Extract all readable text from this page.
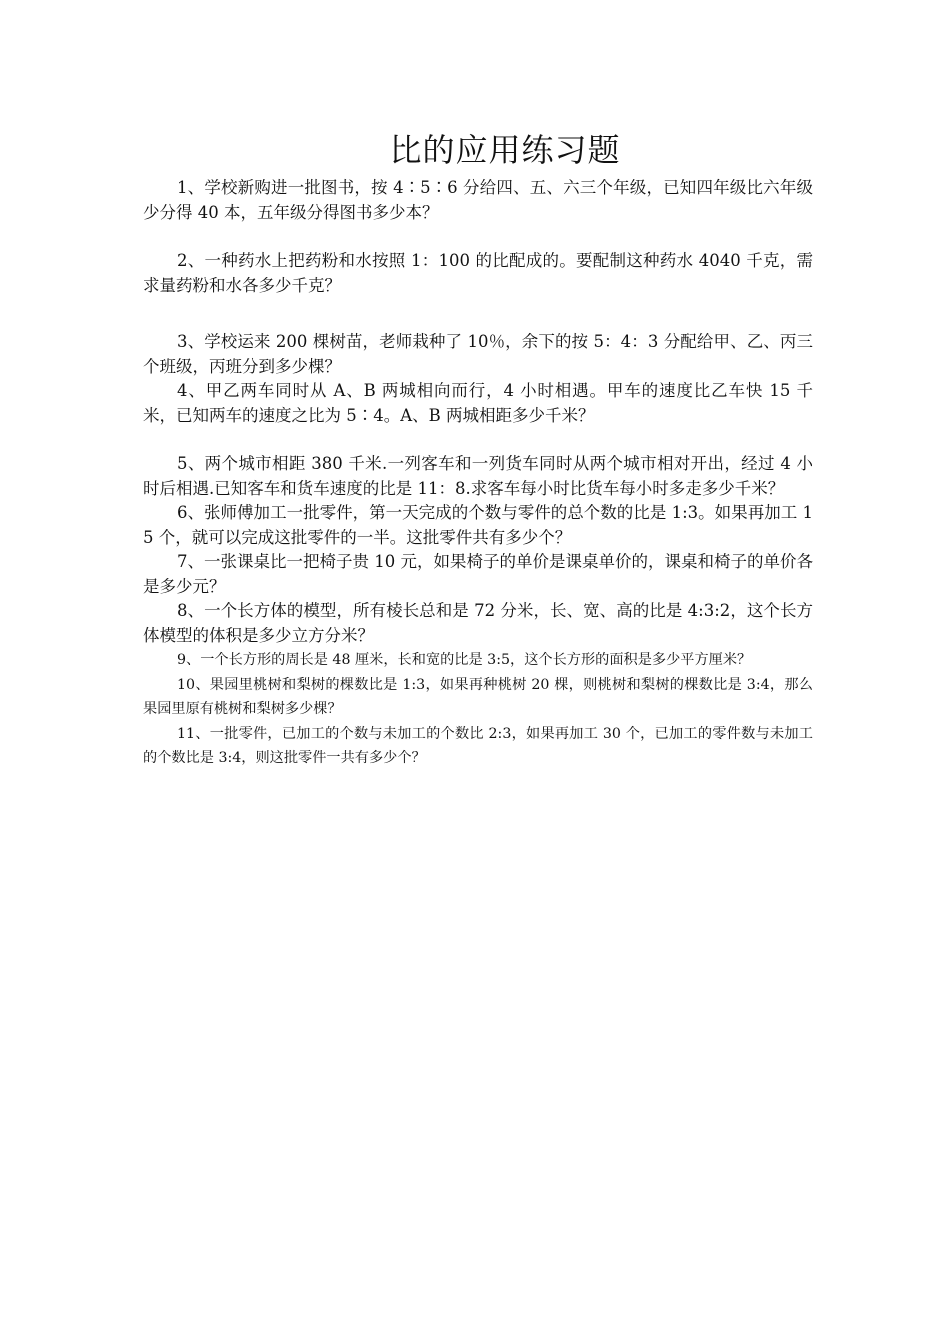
比的应用练习题

1、学校新购进一批图书，按 4∶5∶6 分给四、五、六三个年级，已知四年级比六年级少分得 40 本，五年级分得图书多少本？

2、一种药水上把药粉和水按照 1：100 的比配成的。要配制这种药水 4040 千克，需求量药粉和水各多少千克？

3、学校运来 200 棵树苗，老师栽种了 10％，余下的按 5：4：3 分配给甲、乙、丙三个班级，丙班分到多少棵？

4、甲乙两车同时从 A、B 两城相向而行，4 小时相遇。甲车的速度比乙车快 15 千米，已知两车的速度之比为 5∶4。A、B 两城相距多少千米？

5、两个城市相距 380 千米.一列客车和一列货车同时从两个城市相对开出，经过 4 小时后相遇.已知客车和货车速度的比是 11：8.求客车每小时比货车每小时多走多少千米？

6、张师傅加工一批零件，第一天完成的个数与零件的总个数的比是 1:3。如果再加工 15 个，就可以完成这批零件的一半。这批零件共有多少个？

7、一张课桌比一把椅子贵 10 元，如果椅子的单价是课桌单价的，课桌和椅子的单价各是多少元？

8、一个长方体的模型，所有棱长总和是 72 分米，长、宽、高的比是 4:3:2，这个长方体模型的体积是多少立方分米？

9、一个长方形的周长是 48 厘米，长和宽的比是 3:5，这个长方形的面积是多少平方厘米？

10、果园里桃树和梨树的棵数比是 1:3，如果再种桃树 20 棵，则桃树和梨树的棵数比是 3:4，那么果园里原有桃树和梨树多少棵？

11、一批零件，已加工的个数与未加工的个数比 2:3，如果再加工 30 个，已加工的零件数与未加工的个数比是 3:4，则这批零件一共有多少个？
